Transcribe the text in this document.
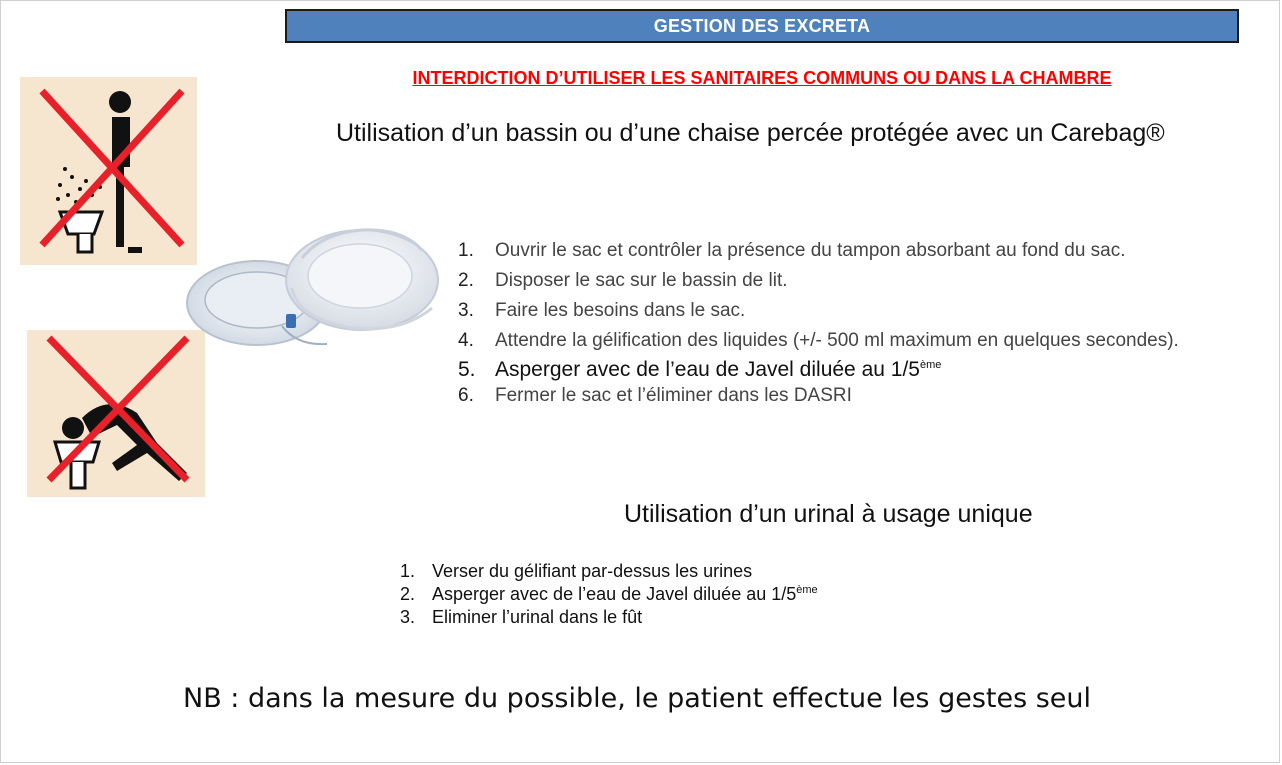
GESTION DES EXCRETA
INTERDICTION D’UTILISER LES SANITAIRES COMMUNS OU DANS LA CHAMBRE
Utilisation d’un bassin ou d’une chaise percée protégée avec un Carebag®
1.	Ouvrir le sac et contrôler la présence du tampon absorbant au fond du sac.
2.	Disposer le sac sur le bassin de lit.
3.	Faire les besoins dans le sac.
4.	Attendre la gélification des liquides (+/- 500 ml maximum en quelques secondes).
5. Asperger avec de l’eau de Javel diluée au 1/5ème
6.	Fermer le sac et l’éliminer dans les DASRI
Utilisation d’un urinal à usage unique
1. Verser du gélifiant par-dessus les urines
2. Asperger avec de l’eau de Javel diluée au 1/5ème
3. Eliminer l’urinal dans le fût
NB : dans la mesure du possible, le patient effectue les gestes seul
